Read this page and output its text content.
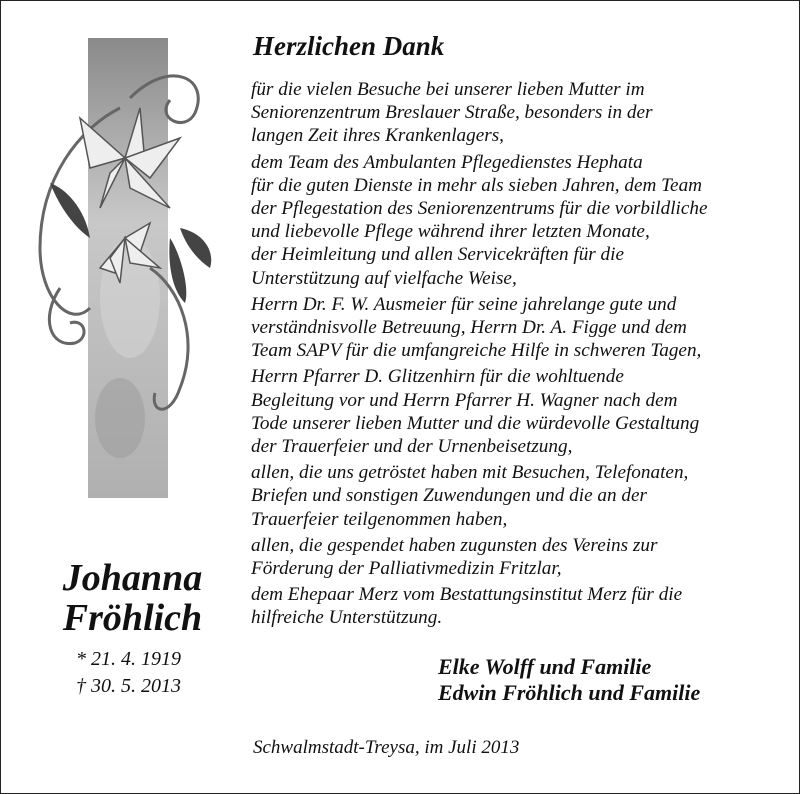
Johanna
Fröhlich
* 21. 4. 1919
† 30. 5. 2013
Herzlichen Dank

für die vielen Besuche bei unserer lieben Mutter im
Seniorenzentrum Breslauer Straße, besonders in der
langen Zeit ihres Krankenlagers,

dem Team des Ambulanten Pflegedienstes Hephata
für die guten Dienste in mehr als sieben Jahren, dem Team
der Pflegestation des Seniorenzentrums für die vorbildliche
und liebevolle Pflege während ihrer letzten Monate,
der Heimleitung und allen Servicekräften für die
Unterstützung auf vielfache Weise,

Herrn Dr. F. W. Ausmeier für seine jahrelange gute und
verständnisvolle Betreuung, Herrn Dr. A. Figge und dem
Team SAPV für die umfangreiche Hilfe in schweren Tagen,

Herrn Pfarrer D. Glitzenhirn für die wohltuende
Begleitung vor und Herrn Pfarrer H. Wagner nach dem
Tode unserer lieben Mutter und die würdevolle Gestaltung
der Trauerfeier und der Urnenbeisetzung,

allen, die uns getröstet haben mit Besuchen, Telefonaten,
Briefen und sonstigen Zuwendungen und die an der
Trauerfeier teilgenommen haben,

allen, die gespendet haben zugunsten des Vereins zur
Förderung der Palliativmedizin Fritzlar,

dem Ehepaar Merz vom Bestattungsinstitut Merz für die
hilfreiche Unterstützung.

Elke Wolff und Familie
Edwin Fröhlich und Familie
Schwalmstadt-Treysa, im Juli 2013
